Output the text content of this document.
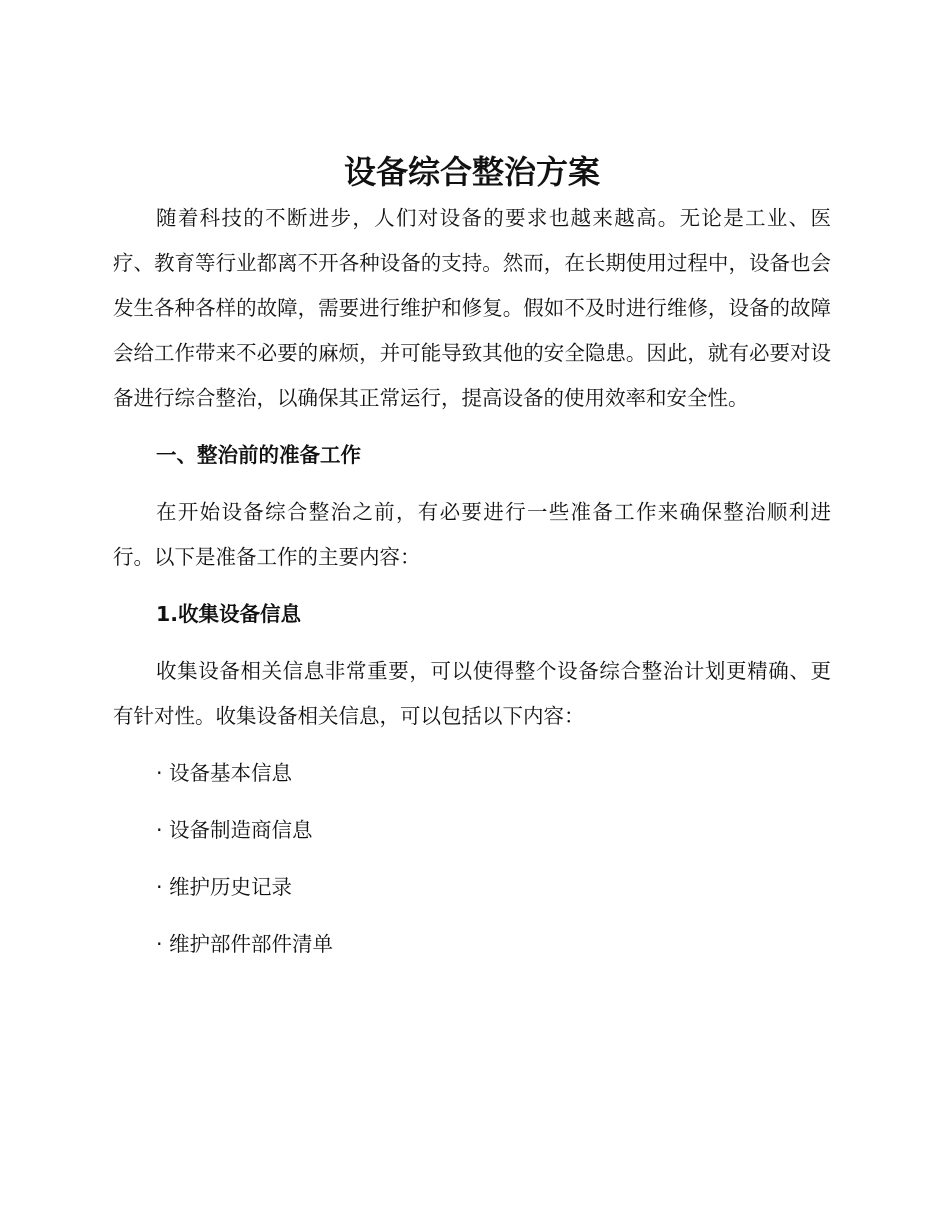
设备综合整治方案

随着科技的不断进步，人们对设备的要求也越来越高。无论是工业、医疗、教育等行业都离不开各种设备的支持。然而，在长期使用过程中，设备也会发生各种各样的故障，需要进行维护和修复。假如不及时进行维修，设备的故障会给工作带来不必要的麻烦，并可能导致其他的安全隐患。因此，就有必要对设备进行综合整治，以确保其正常运行，提高设备的使用效率和安全性。

一、整治前的准备工作

在开始设备综合整治之前，有必要进行一些准备工作来确保整治顺利进行。以下是准备工作的主要内容：

1.收集设备信息

收集设备相关信息非常重要，可以使得整个设备综合整治计划更精确、更有针对性。收集设备相关信息，可以包括以下内容：

· 设备基本信息
· 设备制造商信息
· 维护历史记录
· 维护部件部件清单
